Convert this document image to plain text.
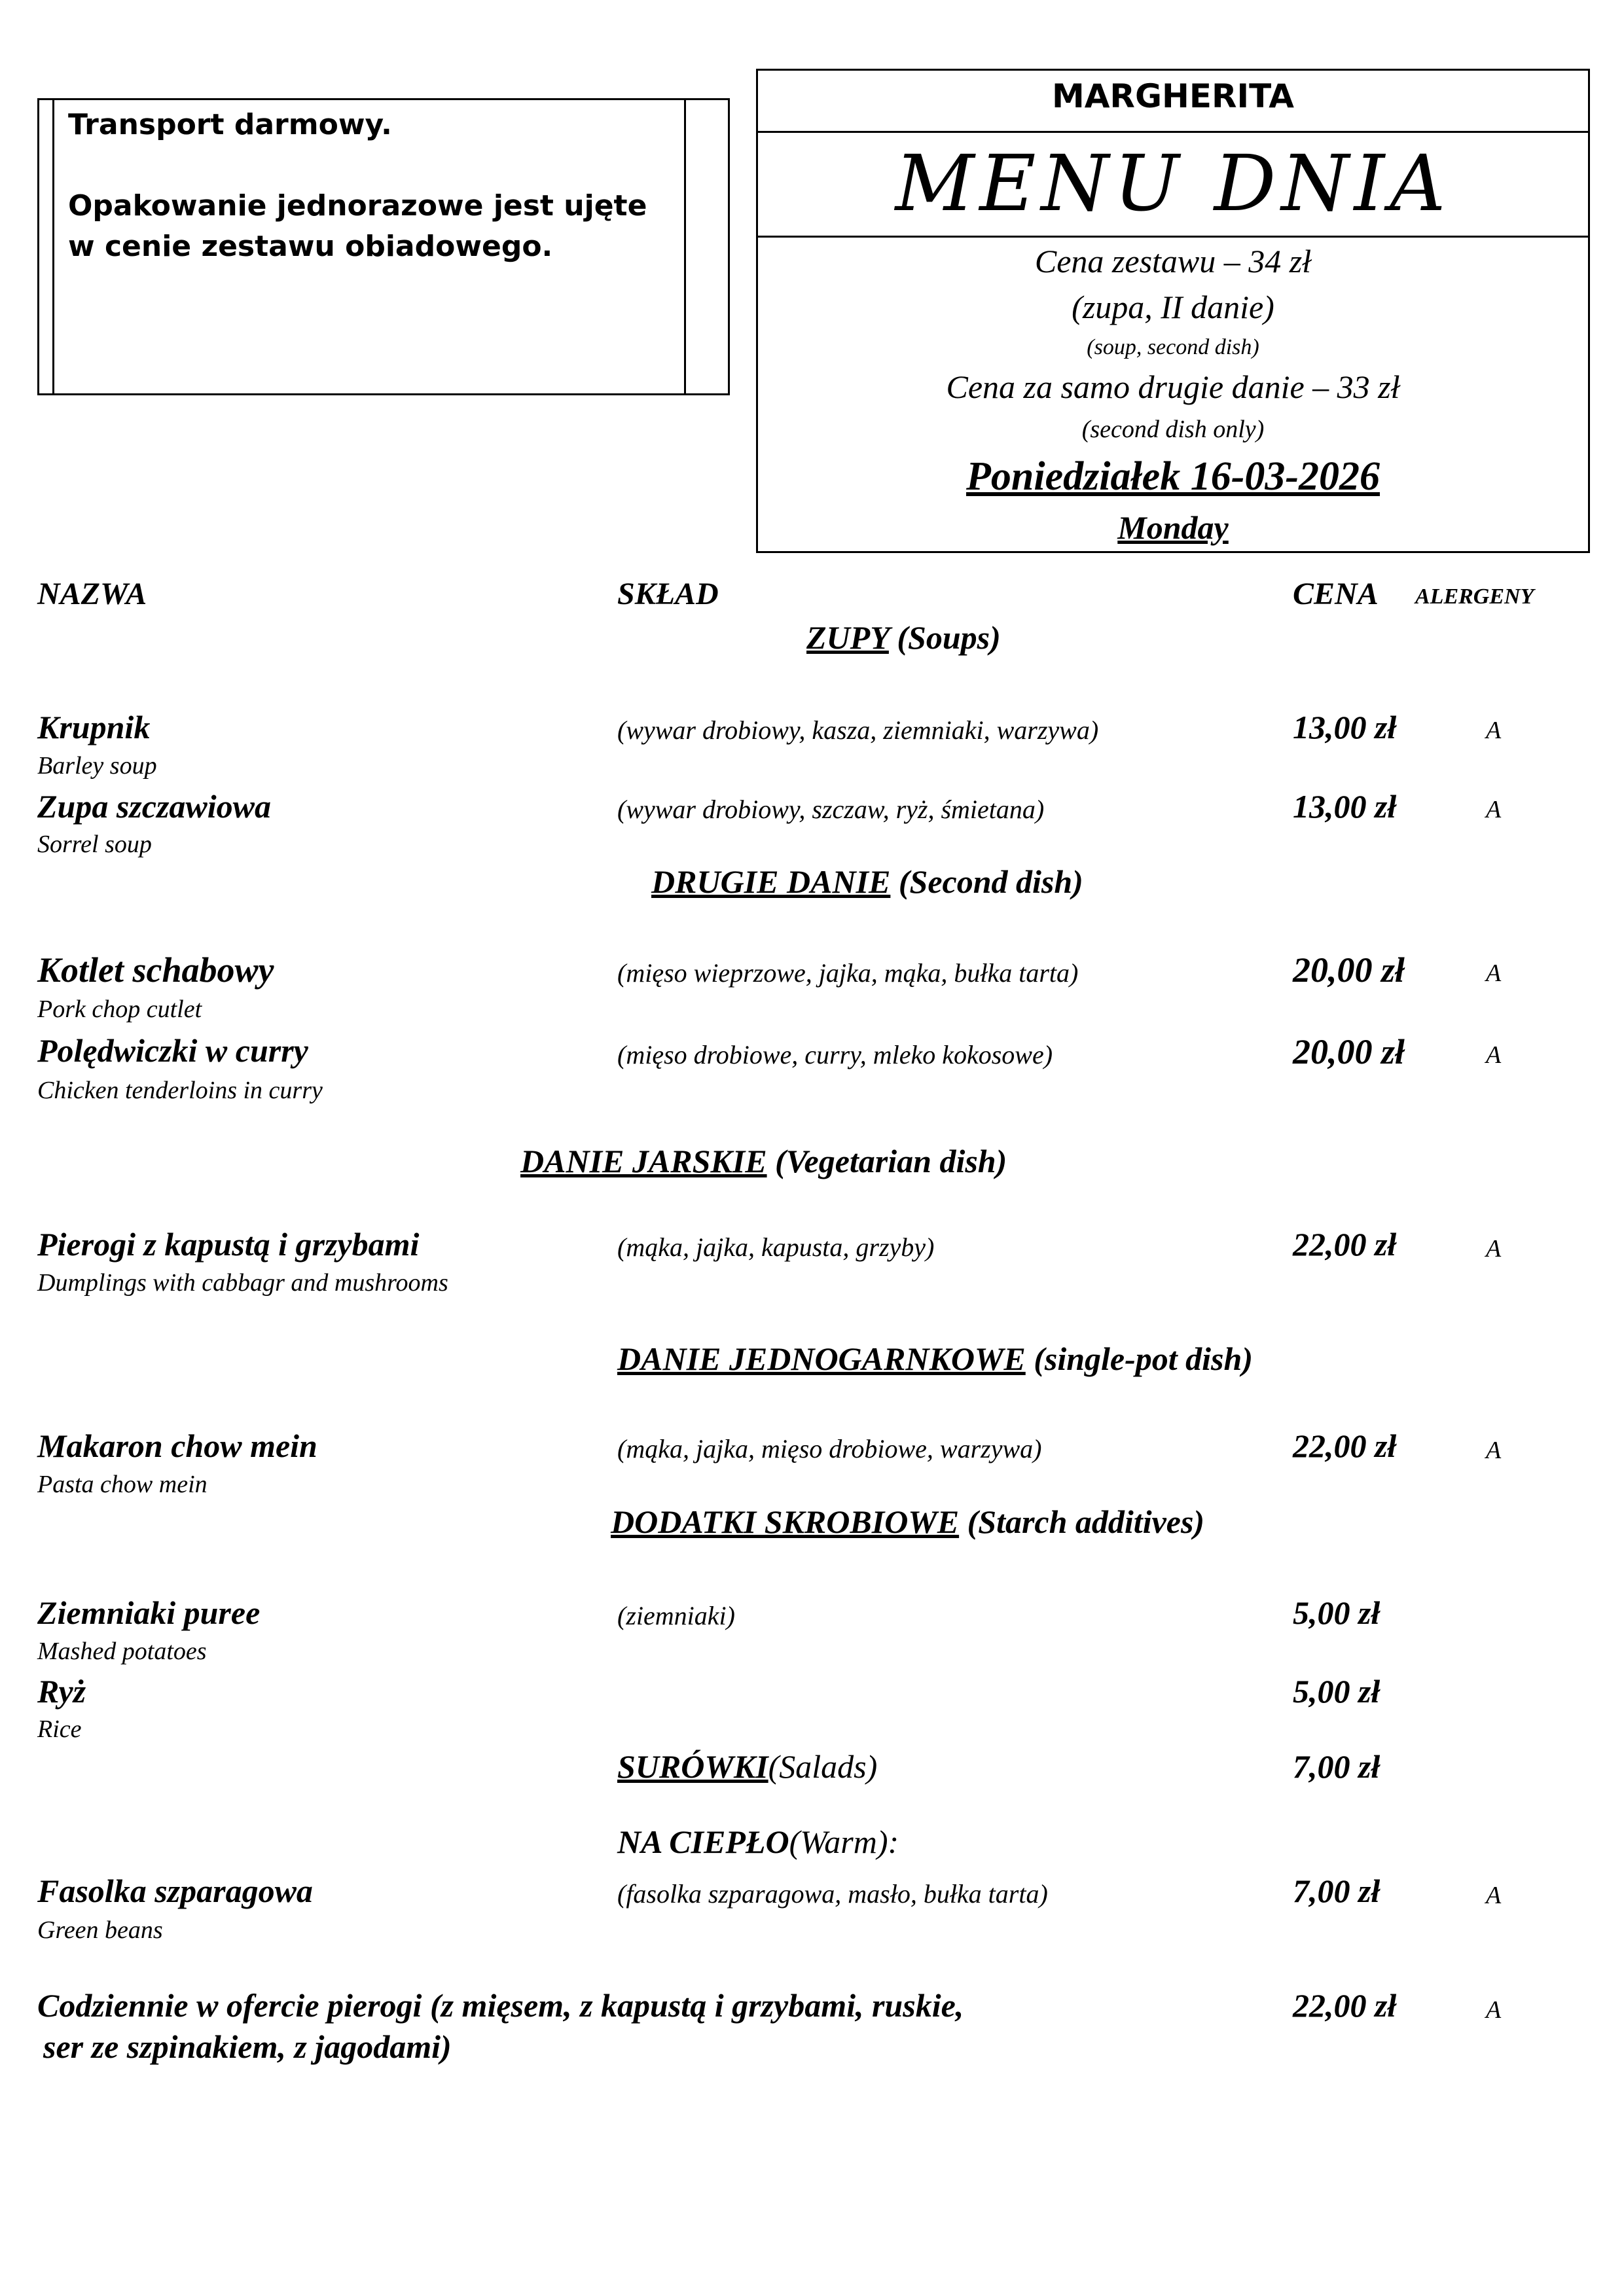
Transport darmowy.

Opakowanie jednorazowe jest ujęte

w cenie zestawu obiadowego.

MARGHERITA
MENU DNIA
Cena zestawu – 34 zł
(zupa, II danie)
(soup, second dish)
Cena za samo drugie danie – 33 zł
(second dish only)
Poniedziałek 16-03-2026
Monday
NAZWA	SKŁAD	CENA ALERGENY
ZUPY (Soups)
Krupnik	(wywar drobiowy, kasza, ziemniaki, warzywa)	13,00 zł	A
Barley soup
Zupa szczawiowa	(wywar drobiowy, szczaw, ryż, śmietana)	13,00 zł	A
Sorrel soup
DRUGIE DANIE (Second dish)
Kotlet schabowy	(mięso wieprzowe, jajka, mąka, bułka tarta)	20,00 zł	A
Pork chop cutlet
Polędwiczki w curry	(mięso drobiowe, curry, mleko kokosowe)	20,00 zł	A
Chicken tenderloins in curry
DANIE JARSKIE (Vegetarian dish)
Pierogi z kapustą i grzybami	(mąka, jajka, kapusta, grzyby)	22,00 zł	A
Dumplings with cabbagr and mushrooms
DANIE JEDNOGARNKOWE (single-pot dish)
Makaron chow mein	(mąka, jajka, mięso drobiowe, warzywa)	22,00 zł	A
Pasta chow mein
DODATKI SKROBIOWE (Starch additives)
Ziemniaki puree	(ziemniaki)	5,00 zł
Mashed potatoes
Ryż	5,00 zł
Rice
SURÓWKI(Salads)	7,00 zł
NA CIEPŁO(Warm):
Fasolka szparagowa	(fasolka szparagowa, masło, bułka tarta)	7,00 zł	A
Green beans
Codziennie w ofercie pierogi (z mięsem, z kapustą i grzybami, ruskie,
ser ze szpinakiem, z jagodami)
22,00 zł	A
